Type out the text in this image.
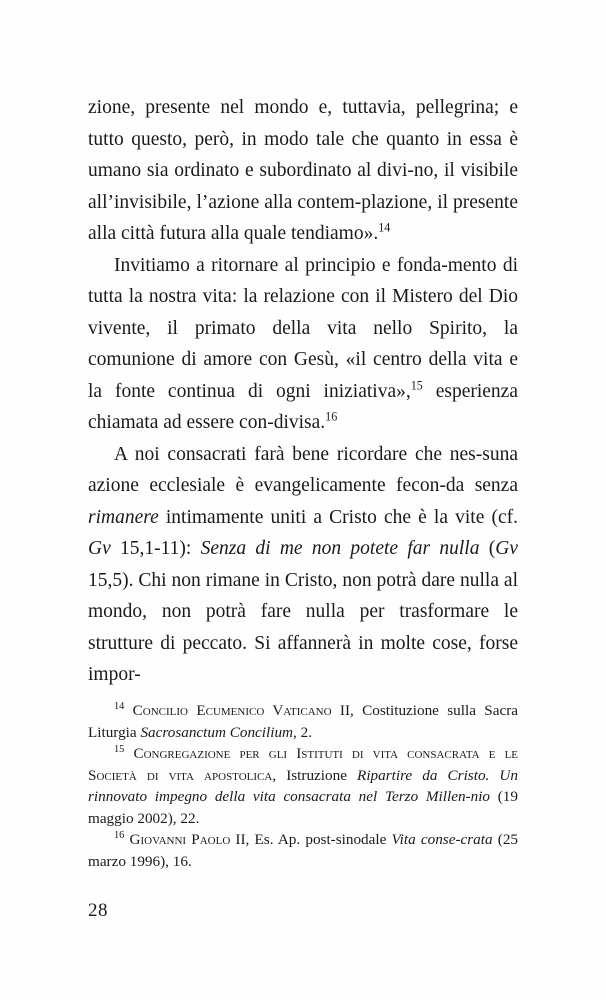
zione, presente nel mondo e, tuttavia, pellegrina; e tutto questo, però, in modo tale che quanto in essa è umano sia ordinato e subordinato al divi-no, il visibile all’invisibile, l’azione alla contem-plazione, il presente alla città futura alla quale tendiamo».$^{14}$

Invitiamo a ritornare al principio e fonda-mento di tutta la nostra vita: la relazione con il Mistero del Dio vivente, il primato della vita nello Spirito, la comunione di amore con Gesù, «il centro della vita e la fonte continua di ogni iniziativa»,$^{15}$ esperienza chiamata ad essere con-divisa.$^{16}$

A noi consacrati farà bene ricordare che nes-suna azione ecclesiale è evangelicamente fecon-da senza rimanere intimamente uniti a Cristo che è la vite (cf. Gv 15,1-11): Senza di me non potete far nulla (Gv 15,5). Chi non rimane in Cristo, non potrà dare nulla al mondo, non potrà fare nulla per trasformare le strutture di peccato. Si affannerà in molte cose, forse impor-

$^{14}$ Concilio Ecumenico Vaticano II, Costituzione sulla Sacra Liturgia Sacrosanctum Concilium, 2.

$^{15}$ Congregazione per gli Istituti di vita consacrata e le Società di vita apostolica, Istruzione Ripartire da Cristo. Un rinnovato impegno della vita consacrata nel Terzo Millen-nio (19 maggio 2002), 22.

$^{16}$ Giovanni Paolo II, Es. Ap. post-sinodale Vita conse-crata (25 marzo 1996), 16.

28
